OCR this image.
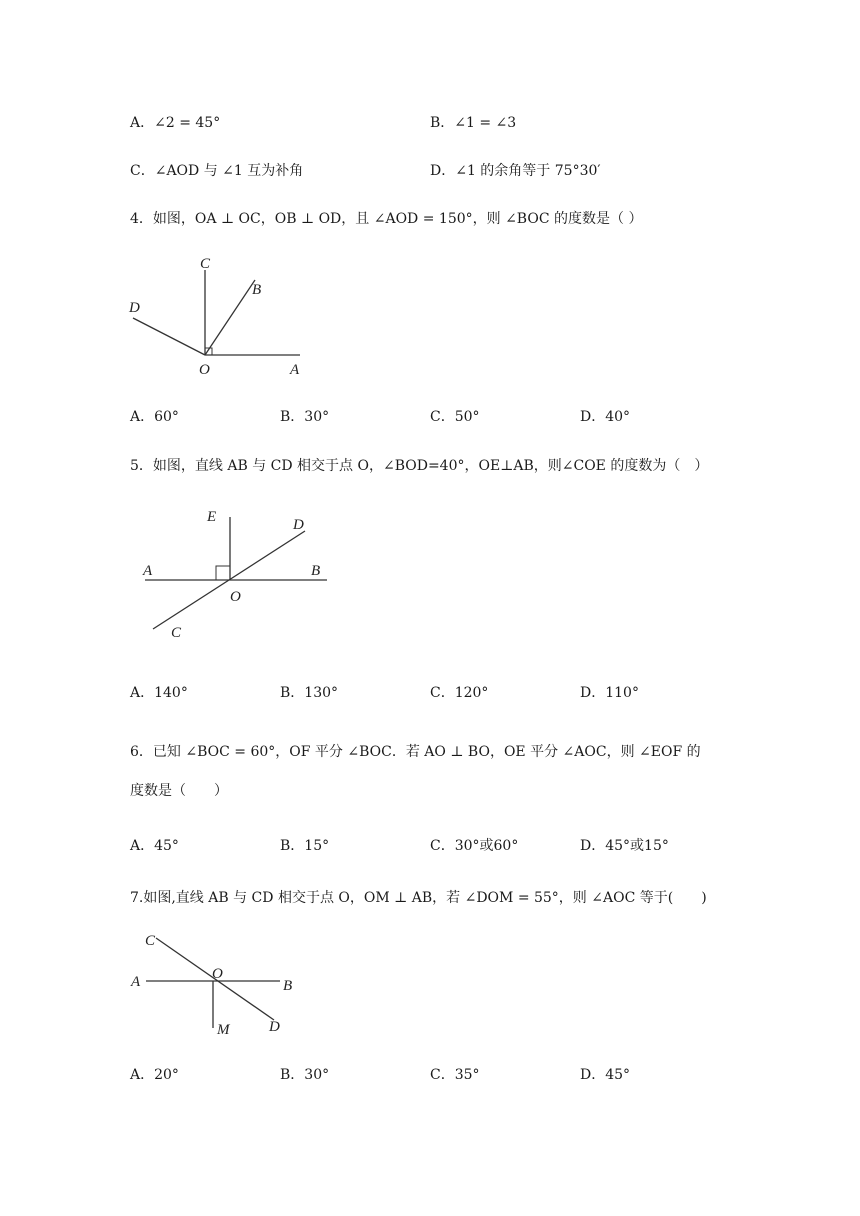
A．∠2 = 45°	B．∠1 = ∠3
C．∠AOD 与 ∠1 互为补角	D．∠1 的余角等于 75°30′
4．如图，OA ⊥ OC，OB ⊥ OD，且 ∠AOD = 150°，则 ∠BOC 的度数是（ ）
C
B
D
O	A
A．60°	B．30°	C．50°	D．40°
5．如图，直线 AB 与 CD 相交于点 O，∠BOD=40°，OE⊥AB，则∠COE 的度数为（　）
E	D
A	B
O
C
A．140°	B．130°	C．120°	D．110°
6．已知 ∠BOC = 60°，OF 平分 ∠BOC．若 AO ⊥ BO，OE 平分 ∠AOC，则 ∠EOF 的
度数是（　　）
A．45°	B．15°	C．30°或60°	D．45°或15°
7.如图,直线 AB 与 CD 相交于点 O，OM ⊥ AB，若 ∠DOM = 55°，则 ∠AOC 等于(　　)
C
A	O
B
M	D
A．20°	B．30°	C．35°	D．45°
